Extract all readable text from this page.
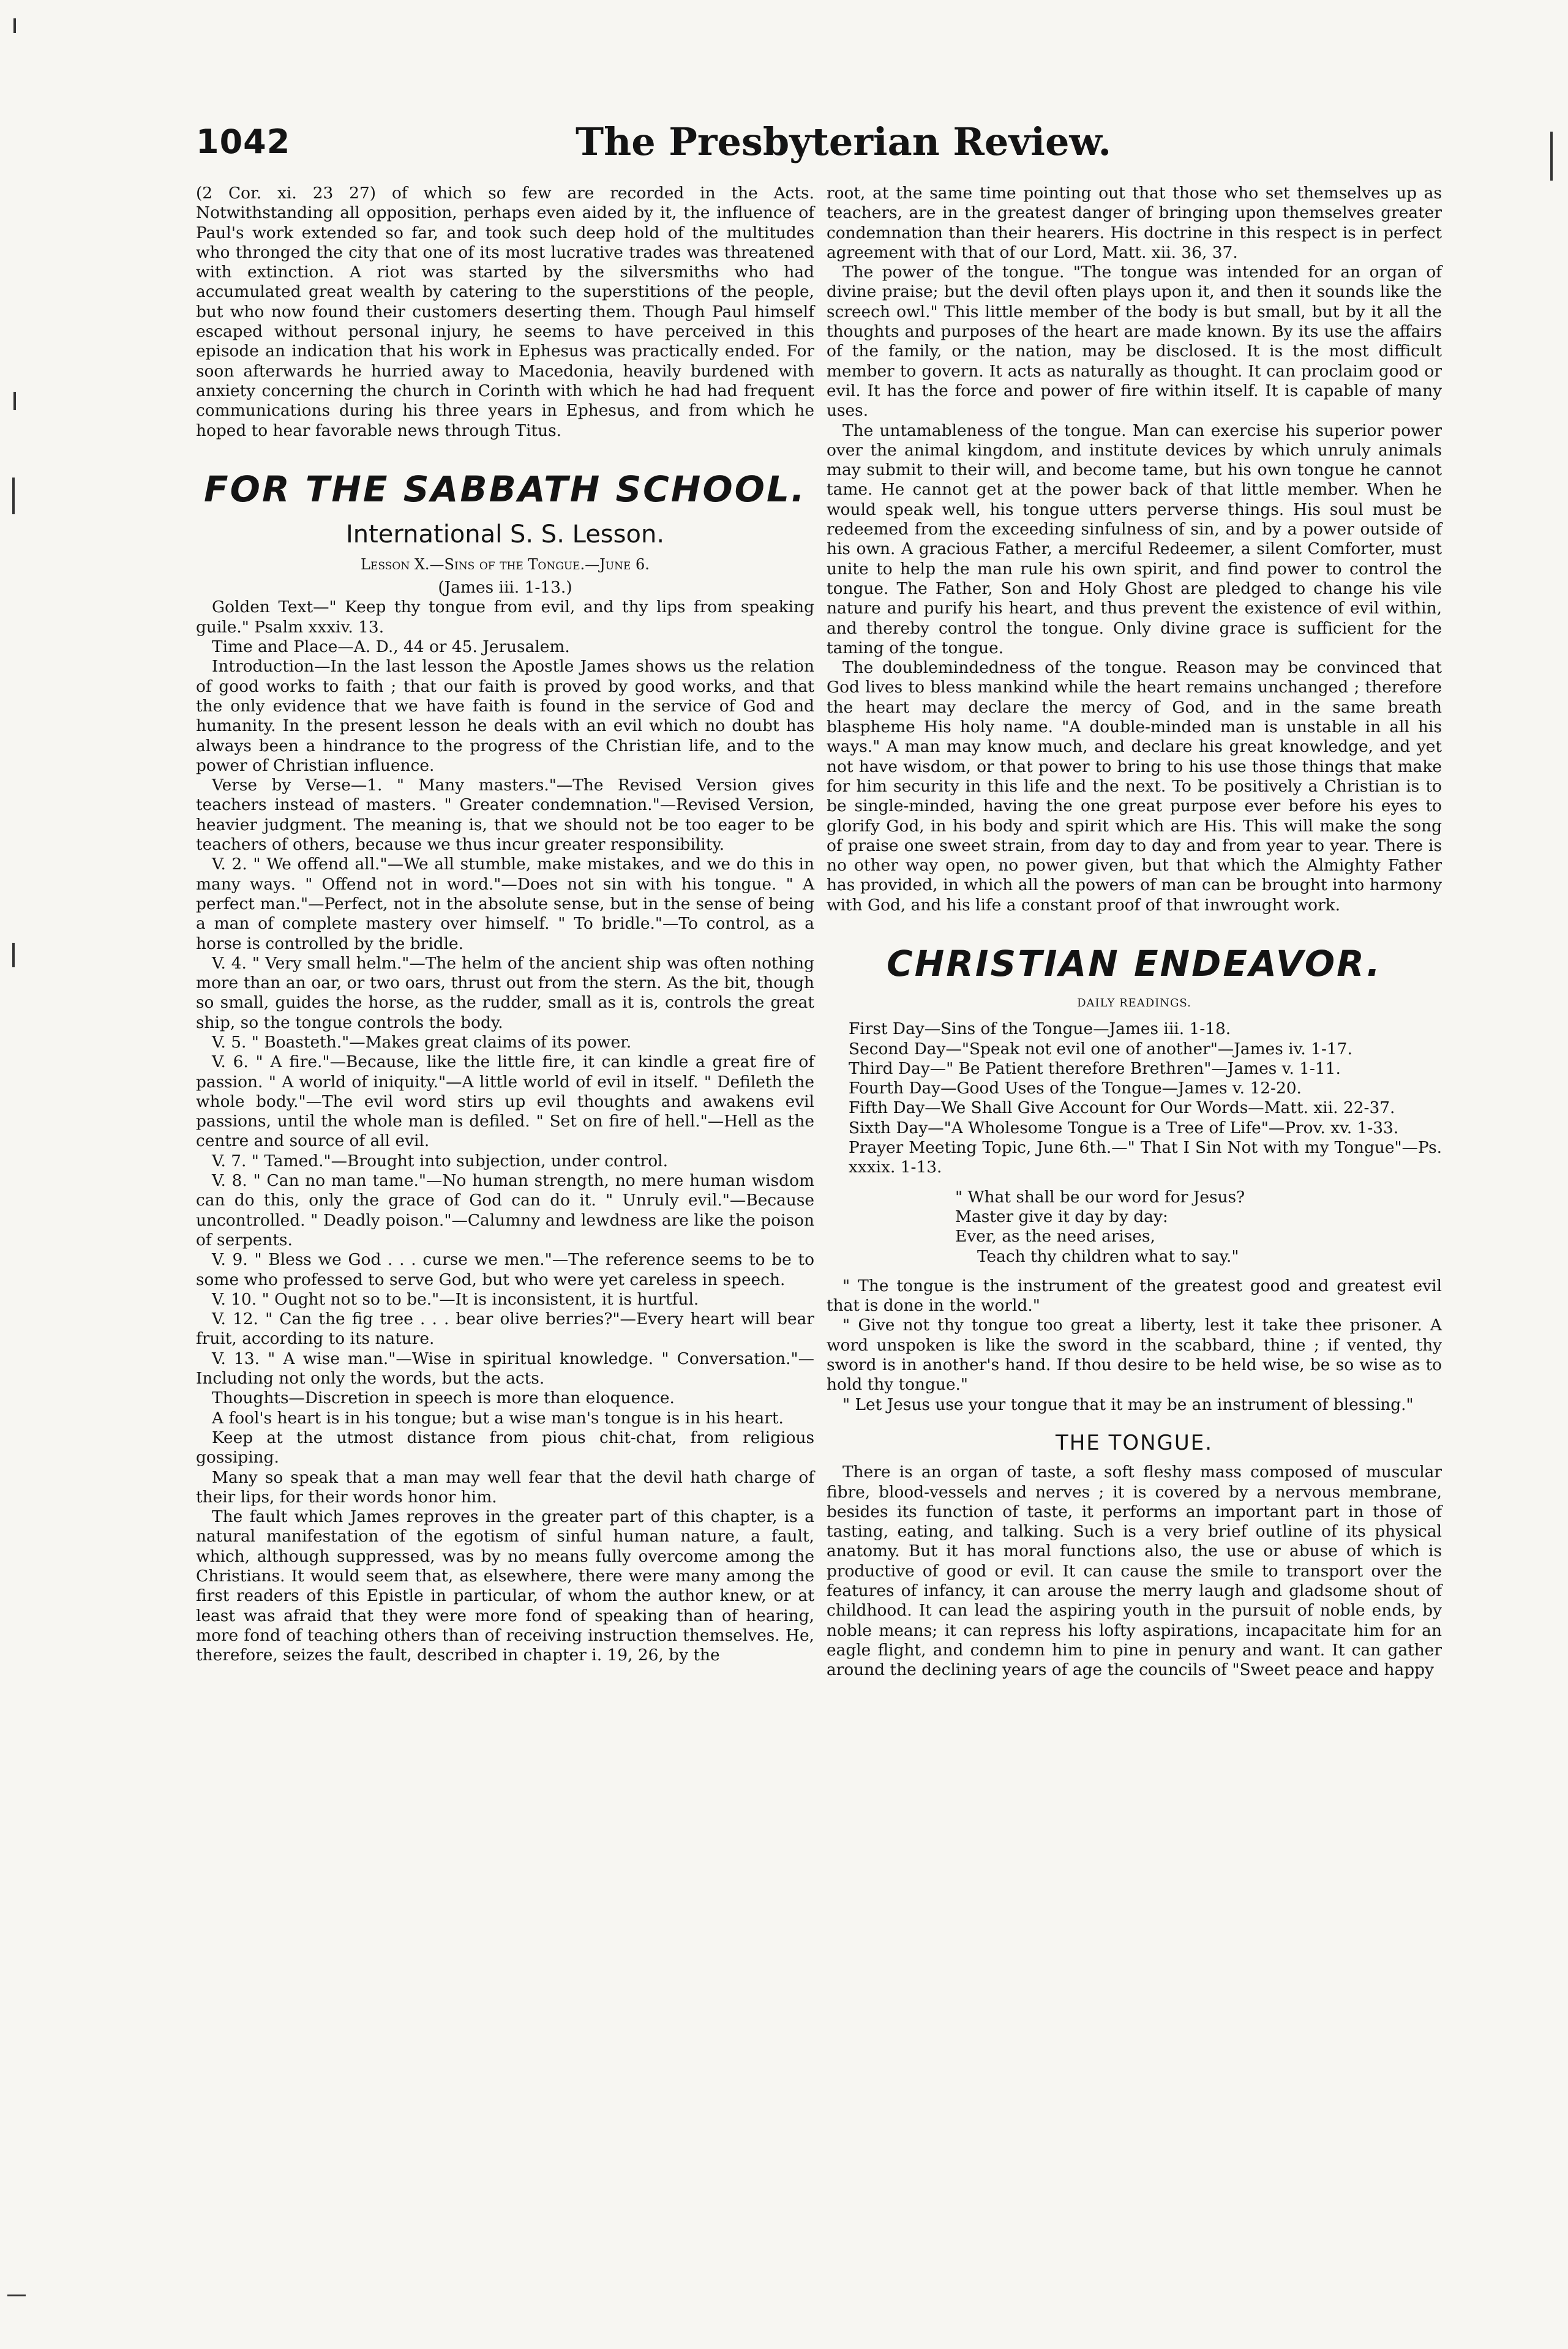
1042	The Presbyterian Review.

(2 Cor. xi. 23 27) of which so few are recorded in the Acts. Notwithstanding all opposition, perhaps even aided by it, the influence of Paul's work extended so far, and took such deep hold of the multitudes who thronged the city that one of its most lucrative trades was threatened with extinction. A riot was started by the silversmiths who had accumulated great wealth by catering to the superstitions of the people, but who now found their customers deserting them. Though Paul himself escaped without personal injury, he seems to have perceived in this episode an indication that his work in Ephesus was practically ended. For soon afterwards he hurried away to Macedonia, heavily burdened with anxiety concerning the church in Corinth with which he had had frequent communications during his three years in Ephesus, and from which he hoped to hear favorable news through Titus.

FOR THE SABBATH SCHOOL.
International S. S. Lesson.

Lesson X.—Sins of the Tongue.—June 6.

(James iii. 1-13.)

Golden Text—" Keep thy tongue from evil, and thy lips from speaking guile." Psalm xxxiv. 13.

Time and Place—A. D., 44 or 45. Jerusalem.

Introduction—In the last lesson the Apostle James shows us the relation of good works to faith ; that our faith is proved by good works, and that the only evidence that we have faith is found in the service of God and humanity. In the present lesson he deals with an evil which no doubt has always been a hindrance to the progress of the Christian life, and to the power of Christian influence.

Verse by Verse—1. " Many masters."—The Revised Version gives teachers instead of masters. " Greater condemnation."—Revised Version, heavier judgment. The meaning is, that we should not be too eager to be teachers of others, because we thus incur greater responsibility.

V. 2. " We offend all."—We all stumble, make mistakes, and we do this in many ways. " Offend not in word."—Does not sin with his tongue. " A perfect man."—Perfect, not in the absolute sense, but in the sense of being a man of complete mastery over himself. " To bridle."—To control, as a horse is controlled by the bridle.

V. 4. " Very small helm."—The helm of the ancient ship was often nothing more than an oar, or two oars, thrust out from the stern. As the bit, though so small, guides the horse, as the rudder, small as it is, controls the great ship, so the tongue controls the body.

V. 5. " Boasteth."—Makes great claims of its power.

V. 6. " A fire."—Because, like the little fire, it can kindle a great fire of passion. " A world of iniquity."—A little world of evil in itself. " Defileth the whole body."—The evil word stirs up evil thoughts and awakens evil passions, until the whole man is defiled. " Set on fire of hell."—Hell as the centre and source of all evil.

V. 7. " Tamed."—Brought into subjection, under control.

V. 8. " Can no man tame."—No human strength, no mere human wisdom can do this, only the grace of God can do it. " Unruly evil."—Because uncontrolled. " Deadly poison."—Calumny and lewdness are like the poison of serpents.

V. 9. " Bless we God . . . curse we men."—The reference seems to be to some who professed to serve God, but who were yet careless in speech.

V. 10. " Ought not so to be."—It is inconsistent, it is hurtful.

V. 12. " Can the fig tree . . . bear olive berries?"—Every heart will bear fruit, according to its nature.

V. 13. " A wise man."—Wise in spiritual knowledge. " Conversation."—Including not only the words, but the acts.

Thoughts—Discretion in speech is more than eloquence.

A fool's heart is in his tongue; but a wise man's tongue is in his heart.

Keep at the utmost distance from pious chit-chat, from religious gossiping.

Many so speak that a man may well fear that the devil hath charge of their lips, for their words honor him.

The fault which James reproves in the greater part of this chapter, is a natural manifestation of the egotism of sinful human nature, a fault, which, although suppressed, was by no means fully overcome among the Christians. It would seem that, as elsewhere, there were many among the first readers of this Epistle in particular, of whom the author knew, or at least was afraid that they were more fond of speaking than of hearing, more fond of teaching others than of receiving instruction themselves. He, therefore, seizes the fault, described in chapter i. 19, 26, by the

root, at the same time pointing out that those who set themselves up as teachers, are in the greatest danger of bringing upon themselves greater condemnation than their hearers. His doctrine in this respect is in perfect agreement with that of our Lord, Matt. xii. 36, 37.

The power of the tongue. "The tongue was intended for an organ of divine praise; but the devil often plays upon it, and then it sounds like the screech owl." This little member of the body is but small, but by it all the thoughts and purposes of the heart are made known. By its use the affairs of the family, or the nation, may be disclosed. It is the most difficult member to govern. It acts as naturally as thought. It can proclaim good or evil. It has the force and power of fire within itself. It is capable of many uses.

The untamableness of the tongue. Man can exercise his superior power over the animal kingdom, and institute devices by which unruly animals may submit to their will, and become tame, but his own tongue he cannot tame. He cannot get at the power back of that little member. When he would speak well, his tongue utters perverse things. His soul must be redeemed from the exceeding sinfulness of sin, and by a power outside of his own. A gracious Father, a merciful Redeemer, a silent Comforter, must unite to help the man rule his own spirit, and find power to control the tongue. The Father, Son and Holy Ghost are pledged to change his vile nature and purify his heart, and thus prevent the existence of evil within, and thereby control the tongue. Only divine grace is sufficient for the taming of the tongue.

The doublemindedness of the tongue. Reason may be convinced that God lives to bless mankind while the heart remains unchanged ; therefore the heart may declare the mercy of God, and in the same breath blaspheme His holy name. "A double-minded man is unstable in all his ways." A man may know much, and declare his great knowledge, and yet not have wisdom, or that power to bring to his use those things that make for him security in this life and the next. To be positively a Christian is to be single-minded, having the one great purpose ever before his eyes to glorify God, in his body and spirit which are His. This will make the song of praise one sweet strain, from day to day and from year to year. There is no other way open, no power given, but that which the Almighty Father has provided, in which all the powers of man can be brought into harmony with God, and his life a constant proof of that inwrought work.

CHRISTIAN ENDEAVOR.

DAILY READINGS.

First Day—Sins of the Tongue—James iii. 1-18.

Second Day—"Speak not evil one of another"—James iv. 1-17.

Third Day—" Be Patient therefore Brethren"—James v. 1-11.

Fourth Day—Good Uses of the Tongue—James v. 12-20.

Fifth Day—We Shall Give Account for Our Words—Matt. xii. 22-37.

Sixth Day—"A Wholesome Tongue is a Tree of Life"—Prov. xv. 1-33.

Prayer Meeting Topic, June 6th.—" That I Sin Not with my Tongue"—Ps. xxxix. 1-13.

" What shall be our word for Jesus?
Master give it day by day:
Ever, as the need arises,
Teach thy children what to say."

" The tongue is the instrument of the greatest good and greatest evil that is done in the world."

" Give not thy tongue too great a liberty, lest it take thee prisoner. A word unspoken is like the sword in the scabbard, thine ; if vented, thy sword is in another's hand. If thou desire to be held wise, be so wise as to hold thy tongue."

" Let Jesus use your tongue that it may be an instrument of blessing."

THE TONGUE.

There is an organ of taste, a soft fleshy mass composed of muscular fibre, blood-vessels and nerves ; it is covered by a nervous membrane, besides its function of taste, it performs an important part in those of tasting, eating, and talking. Such is a very brief outline of its physical anatomy. But it has moral functions also, the use or abuse of which is productive of good or evil. It can cause the smile to transport over the features of infancy, it can arouse the merry laugh and gladsome shout of childhood. It can lead the aspiring youth in the pursuit of noble ends, by noble means; it can repress his lofty aspirations, incapacitate him for an eagle flight, and condemn him to pine in penury and want. It can gather around the declining years of age the councils of "Sweet peace and happy
